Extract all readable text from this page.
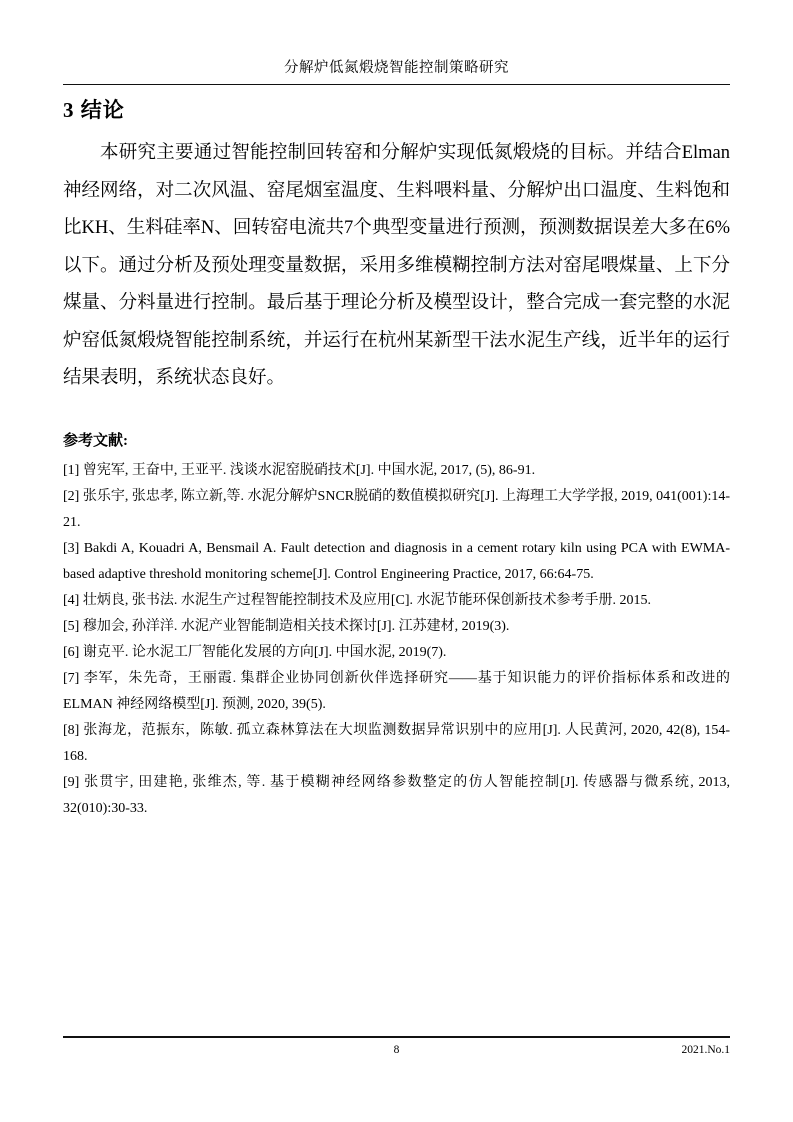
分解炉低氮煅烧智能控制策略研究
3 结论

本研究主要通过智能控制回转窑和分解炉实现低氮煅烧的目标。并结合Elman神经网络，对二次风温、窑尾烟室温度、生料喂料量、分解炉出口温度、生料饱和比KH、生料硅率N、回转窑电流共7个典型变量进行预测，预测数据误差大多在6%以下。通过分析及预处理变量数据，采用多维模糊控制方法对窑尾喂煤量、上下分煤量、分料量进行控制。最后基于理论分析及模型设计，整合完成一套完整的水泥炉窑低氮煅烧智能控制系统，并运行在杭州某新型干法水泥生产线，近半年的运行结果表明，系统状态良好。

参考文献:
[1] 曾宪军, 王奋中, 王亚平. 浅谈水泥窑脱硝技术[J]. 中国水泥, 2017, (5), 86-91.
[2] 张乐宇, 张忠孝, 陈立新,等. 水泥分解炉SNCR脱硝的数值模拟研究[J]. 上海理工大学学报, 2019, 041(001):14-21.
[3] Bakdi A, Kouadri A, Bensmail A. Fault detection and diagnosis in a cement rotary kiln using PCA with EWMA-based adaptive threshold monitoring scheme[J]. Control Engineering Practice, 2017, 66:64-75.
[4] 壮炳良, 张书法. 水泥生产过程智能控制技术及应用[C]. 水泥节能环保创新技术参考手册. 2015.
[5] 穆加会, 孙洋洋. 水泥产业智能制造相关技术探讨[J]. 江苏建材, 2019(3).
[6] 谢克平. 论水泥工厂智能化发展的方向[J]. 中国水泥, 2019(7).
[7] 李军，朱先奇，王丽霞. 集群企业协同创新伙伴选择研究——基于知识能力的评价指标体系和改进的ELMAN 神经网络模型[J]. 预测, 2020, 39(5).
[8] 张海龙，范振东，陈敏. 孤立森林算法在大坝监测数据异常识别中的应用[J]. 人民黄河, 2020, 42(8), 154-168.
[9] 张贯宇, 田建艳, 张维杰, 等. 基于模糊神经网络参数整定的仿人智能控制[J]. 传感器与微系统, 2013, 32(010):30-33.
8	2021.No.1
